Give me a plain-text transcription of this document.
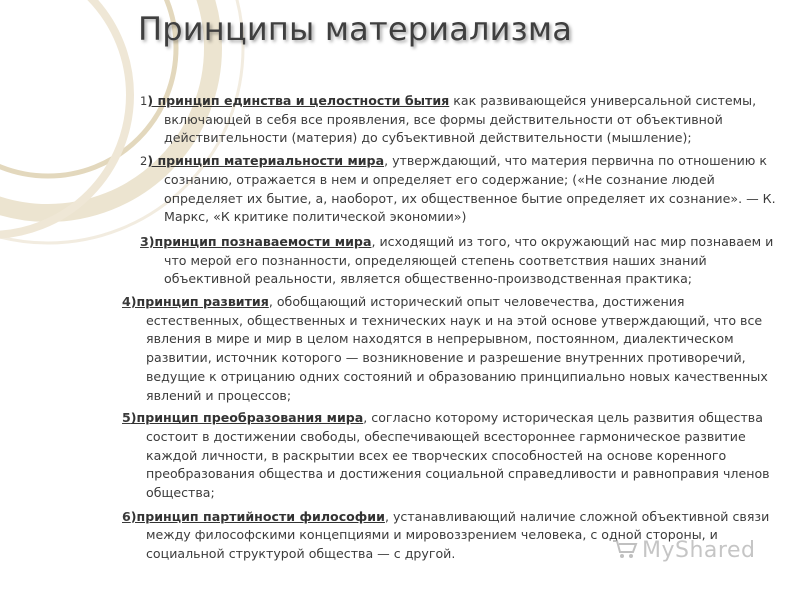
Принципы материализма
1) принцип единства и целостности бытия как развивающейся универсальной системы, включающей в себя все проявления, все формы действительности от объективной действительности (материя) до субъективной действительности (мышление);
2) принцип материальности мира, утверждающий, что материя первична по отношению к сознанию, отражается в нем и определяет его содержание; («Не сознание людей определяет их бытие, а, наоборот, их общественное бытие определяет их сознание». — К. Маркс, «К критике политической экономии»)
3)принцип познаваемости мира, исходящий из того, что окружающий нас мир познаваем и что мерой его познанности, определяющей степень соответствия наших знаний объективной реальности, является общественно-производственная практика;
4)принцип развития, обобщающий исторический опыт человечества, достижения естественных, общественных и технических наук и на этой основе утверждающий, что все явления в мире и мир в целом находятся в непрерывном, постоянном, диалектическом развитии, источник которого — возникновение и разрешение внутренних противоречий, ведущие к отрицанию одних состояний и образованию принципиально новых качественных явлений и процессов;
5)принцип преобразования мира, согласно которому историческая цель развития общества состоит в достижении свободы, обеспечивающей всестороннее гармоническое развитие каждой личности, в раскрытии всех ее творческих способностей на основе коренного преобразования общества и достижения социальной справедливости и равноправия членов общества;
6)принцип партийности философии, устанавливающий наличие сложной объективной связи между философскими концепциями и мировоззрением человека, с одной стороны, и социальной структурой общества — с другой.	MyShared
